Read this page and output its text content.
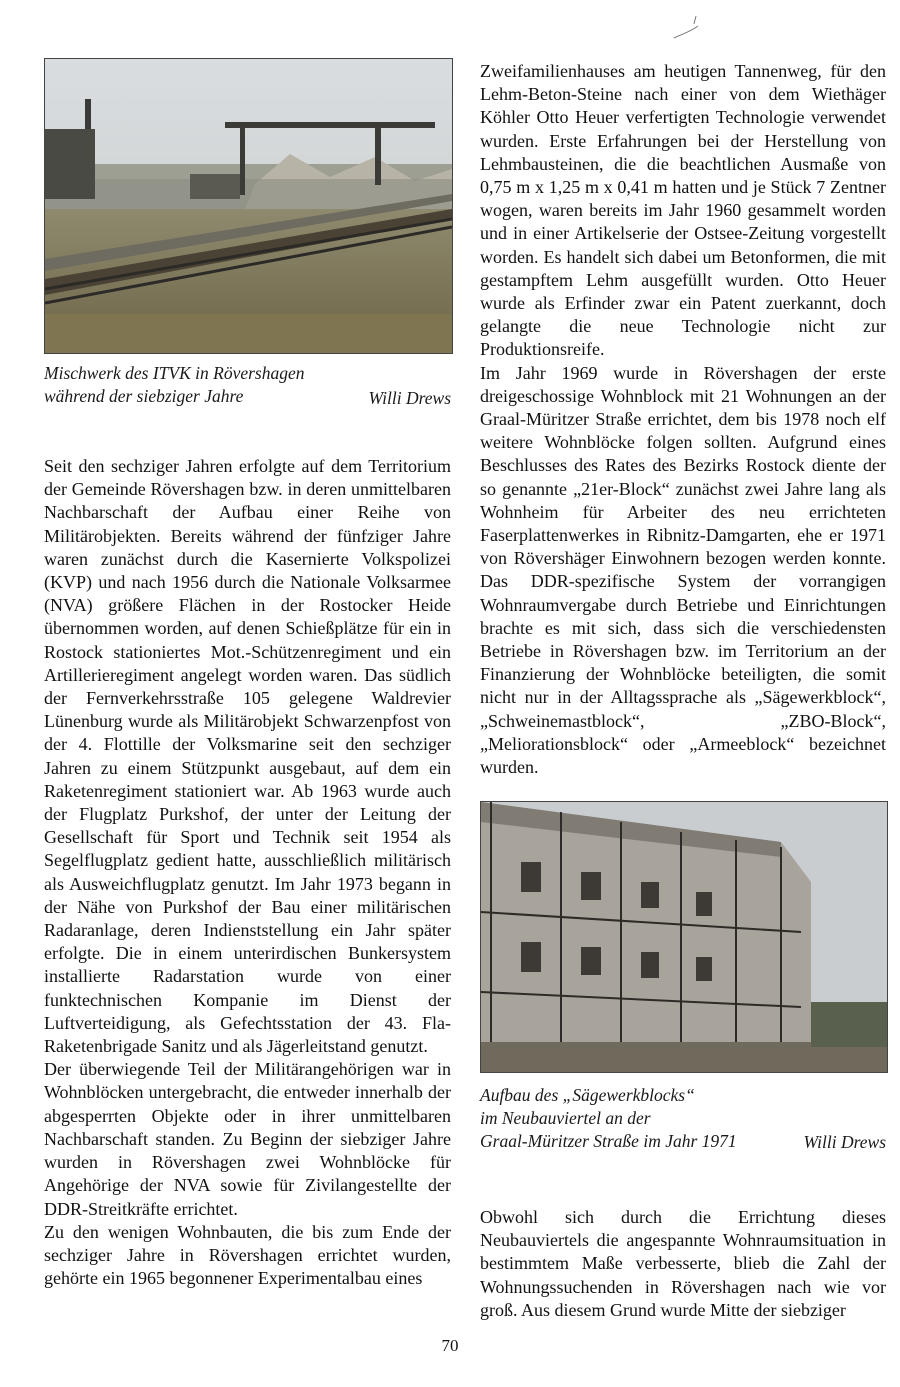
Mischwerk des ITVK in Rövershagen
während der siebziger Jahre	Willi Drews

Seit den sechziger Jahren erfolgte auf dem Territorium der Gemeinde Rövershagen bzw. in deren unmittelbaren Nachbarschaft der Aufbau einer Reihe von Militärobjekten. Bereits während der fünfziger Jahre waren zunächst durch die Kasernierte Volkspolizei (KVP) und nach 1956 durch die Nationale Volksarmee (NVA) größere Flächen in der Rostocker Heide übernommen worden, auf denen Schießplätze für ein in Rostock stationiertes Mot.-Schützenregiment und ein Artillerieregiment angelegt worden waren. Das südlich der Fernverkehrsstraße 105 gelegene Waldrevier Lünenburg wurde als Militärobjekt Schwarzenpfost von der 4. Flottille der Volksmarine seit den sechziger Jahren zu einem Stützpunkt ausgebaut, auf dem ein Raketenregiment stationiert war. Ab 1963 wurde auch der Flugplatz Purkshof, der unter der Leitung der Gesellschaft für Sport und Technik seit 1954 als Segelflugplatz gedient hatte, ausschließlich militärisch als Ausweichflugplatz genutzt. Im Jahr 1973 begann in der Nähe von Purkshof der Bau einer militärischen Radaranlage, deren Indienststellung ein Jahr später erfolgte. Die in einem unterirdischen Bunkersystem installierte Radarstation wurde von einer funktechnischen Kompanie im Dienst der Luftverteidigung, als Gefechtsstation der 43. Fla-Raketenbrigade Sanitz und als Jägerleitstand genutzt.

Der überwiegende Teil der Militärangehörigen war in Wohnblöcken untergebracht, die entweder innerhalb der abgesperrten Objekte oder in ihrer unmittelbaren Nachbarschaft standen. Zu Beginn der siebziger Jahre wurden in Rövershagen zwei Wohnblöcke für Angehörige der NVA sowie für Zivilangestellte der DDR-Streitkräfte errichtet.

Zu den wenigen Wohnbauten, die bis zum Ende der sechziger Jahre in Rövershagen errichtet wurden, gehörte ein 1965 begonnener Experimentalbau eines

Zweifamilienhauses am heutigen Tannenweg, für den Lehm-Beton-Steine nach einer von dem Wiethäger Köhler Otto Heuer verfertigten Technologie verwendet wurden. Erste Erfahrungen bei der Herstellung von Lehmbausteinen, die die beachtlichen Ausmaße von 0,75 m x 1,25 m x 0,41 m hatten und je Stück 7 Zentner wogen, waren bereits im Jahr 1960 gesammelt worden und in einer Artikelserie der Ostsee-Zeitung vorgestellt worden. Es handelt sich dabei um Betonformen, die mit gestampftem Lehm ausgefüllt wurden. Otto Heuer wurde als Erfinder zwar ein Patent zuerkannt, doch gelangte die neue Technologie nicht zur Produktionsreife.

Im Jahr 1969 wurde in Rövershagen der erste dreigeschossige Wohnblock mit 21 Wohnungen an der Graal-Müritzer Straße errichtet, dem bis 1978 noch elf weitere Wohnblöcke folgen sollten. Aufgrund eines Beschlusses des Rates des Bezirks Rostock diente der so genannte „21er-Block“ zunächst zwei Jahre lang als Wohnheim für Arbeiter des neu errichteten Faserplattenwerkes in Ribnitz-Damgarten, ehe er 1971 von Rövershäger Einwohnern bezogen werden konnte. Das DDR-spezifische System der vorrangigen Wohnraumvergabe durch Betriebe und Einrichtungen brachte es mit sich, dass sich die verschiedensten Betriebe in Rövershagen bzw. im Territorium an der Finanzierung der Wohnblöcke beteiligten, die somit nicht nur in der Alltagssprache als „Sägewerkblock“, „Schweinemastblock“, „ZBO-Block“, „Meliorationsblock“ oder „Armeeblock“ bezeichnet wurden.

Aufbau des „Sägewerkblocks“
im Neubauviertel an der
Graal-Müritzer Straße im Jahr 1971	Willi Drews

Obwohl sich durch die Errichtung dieses Neubauviertels die angespannte Wohnraumsituation in bestimmtem Maße verbesserte, blieb die Zahl der Wohnungssuchenden in Rövershagen nach wie vor groß. Aus diesem Grund wurde Mitte der siebziger

70
